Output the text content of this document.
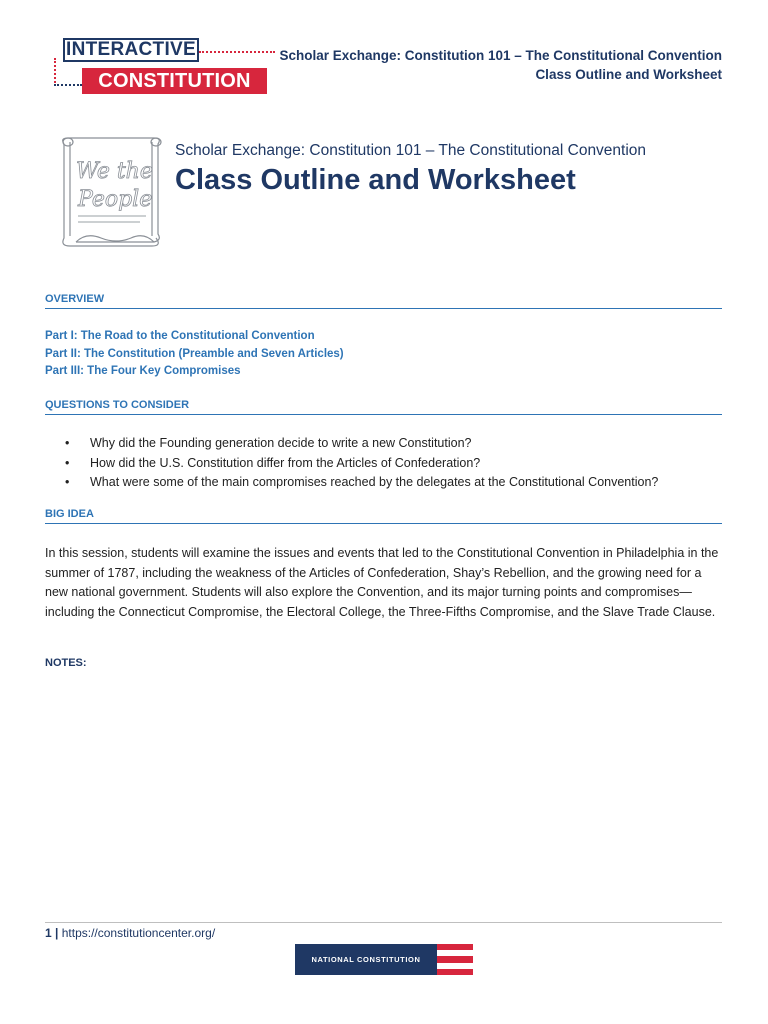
INTERACTIVE
CONSTITUTION
Scholar Exchange: Constitution 101 – The Constitutional Convention
Class Outline and Worksheet
We the
People
Scholar Exchange: Constitution 101 – The Constitutional Convention
Class Outline and Worksheet
OVERVIEW
Part I: The Road to the Constitutional Convention
Part II: The Constitution (Preamble and Seven Articles)
Part III: The Four Key Compromises
QUESTIONS TO CONSIDER
• Why did the Founding generation decide to write a new Constitution?
• How did the U.S. Constitution differ from the Articles of Confederation?
• What were some of the main compromises reached by the delegates at the Constitutional Convention?
BIG IDEA
In this session, students will examine the issues and events that led to the Constitutional Convention in Philadelphia in the summer of 1787, including the weakness of the Articles of Confederation, Shay’s Rebellion, and the growing need for a new national government. Students will also explore the Convention, and its major turning points and compromises— including the Connecticut Compromise, the Electoral College, the Three-Fifths Compromise, and the Slave Trade Clause.
NOTES:
1 | https://constitutioncenter.org/
NATIONAL CONSTITUTION CENTER
